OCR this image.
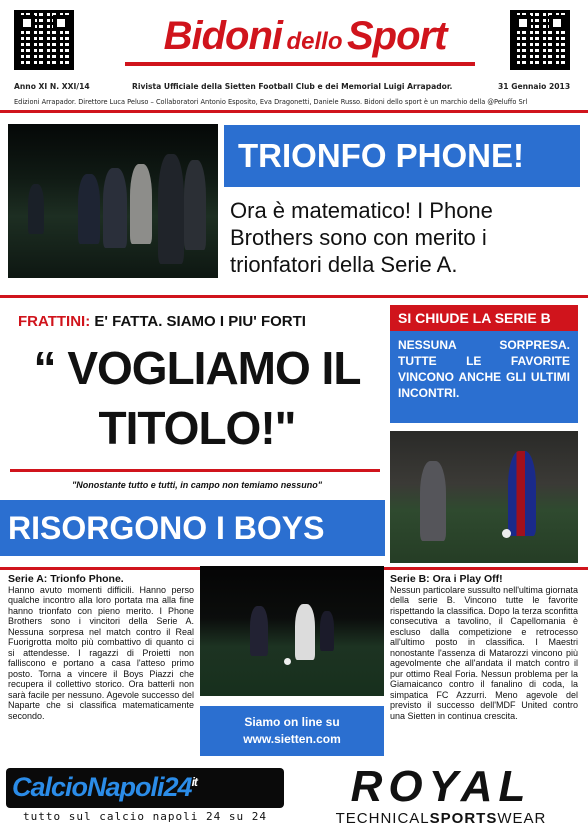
Bidoni dello Sport
Anno XI N. XXI/14	Rivista Ufficiale della Sietten Football Club e dei Memorial Luigi Arrapador.	31 Gennaio 2013
Edizioni Arrapador. Direttore Luca Peluso – Collaboratori Antonio Esposito, Eva Dragonetti, Daniele Russo. Bidoni dello sport è un marchio della @Peluffo Srl
TRIONFO PHONE!
Ora è matematico! I Phone Brothers sono con merito i trionfatori della Serie A.
FRATTINI: E' FATTA. SIAMO I PIU' FORTI
“ VOGLIAMO IL TITOLO!"
"Nonostante tutto e tutti, in campo non temiamo nessuno"
SI CHIUDE LA SERIE B
NESSUNA SORPRESA. TUTTE LE FAVORITE VINCONO ANCHE GLI ULTIMI INCONTRI.
RISORGONO I BOYS
Serie A: Trionfo Phone.
Hanno avuto momenti difficili. Hanno perso qualche incontro alla loro portata ma alla fine hanno trionfato con pieno merito. I Phone Brothers sono i vincitori della Serie A. Nessuna sorpresa nel match contro il Real Fuorigrotta molto più combattivo di quanto ci si attendesse. I ragazzi di Proietti non falliscono e portano a casa l'atteso primo posto. Torna a vincere il Boys Piazzi che recupera il collettivo storico. Ora batterli non sarà facile per nessuno. Agevole successo del Naparte che si classifica matematicamente secondo.	Siamo on line su
www.sietten.com
Serie B: Ora i Play Off!
Nessun particolare sussulto nell'ultima giornata della serie B. Vincono tutte le favorite rispettando la classifica. Dopo la terza sconfitta consecutiva a tavolino, il Capellomania è escluso dalla competizione e retrocesso all'ultimo posto in classifica. I Maestri nonostante l'assenza di Matarozzi vincono più agevolmente che all'andata il match contro il pur ottimo Real Foria. Nessun problema per la Giamaicanco contro il fanalino di coda, la simpatica FC Azzurri. Meno agevole del previsto il successo dell'MDF United contro una Sietten in continua crescita.
$CalcioNapoli24^{it}$
tutto sul calcio napoli 24 su 24
ROYAL
TECHNICALSPORTSWEAR
